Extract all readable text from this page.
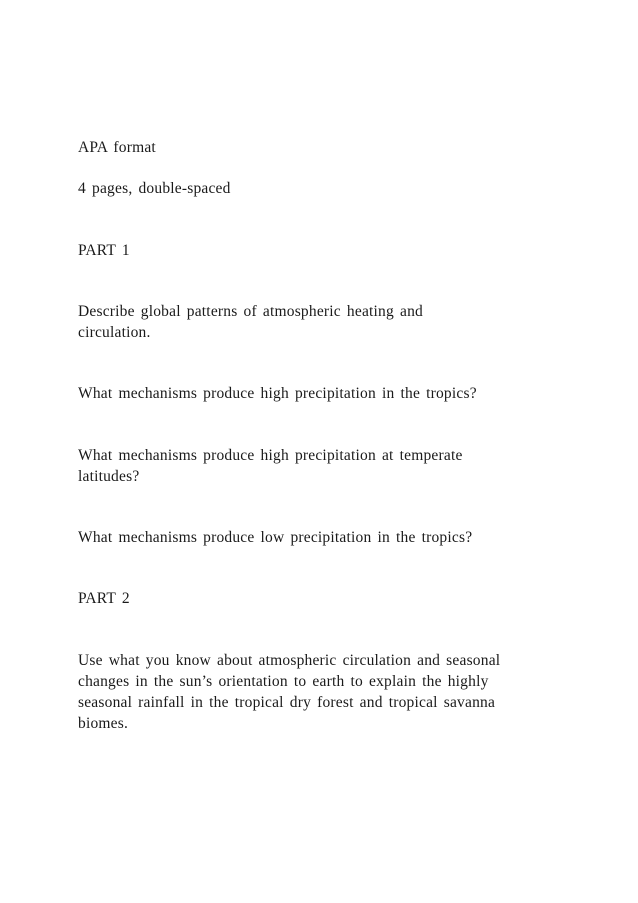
APA format

4 pages, double-spaced

PART 1

Describe global patterns of atmospheric heating and

circulation.

What mechanisms produce high precipitation in the tropics?

What mechanisms produce high precipitation at temperate

latitudes?

What mechanisms produce low precipitation in the tropics?

PART 2

Use what you know about atmospheric circulation and seasonal

changes in the sun’s orientation to earth to explain the highly

seasonal rainfall in the tropical dry forest and tropical savanna

biomes.
